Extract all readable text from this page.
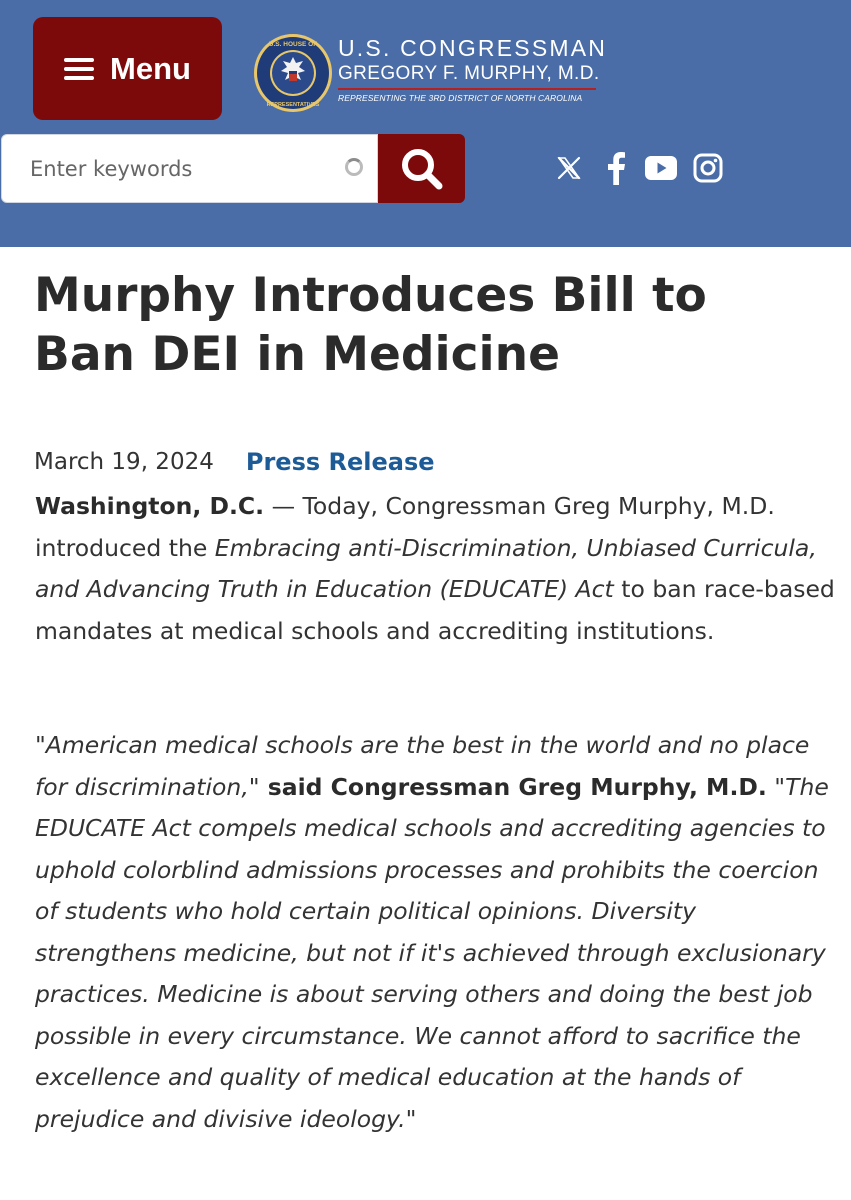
Menu
U.S. HOUSE OF
REPRESENTATIVES
U.S. CONGRESSMAN
GREGORY F. MURPHY, M.D.
REPRESENTING THE 3RD DISTRICT OF NORTH CAROLINA
Enter keywords
Murphy Introduces Bill to Ban DEI in Medicine
March 19, 2024 Press Release

Washington, D.C. — Today, Congressman Greg Murphy, M.D. introduced the Embracing anti-Discrimination, Unbiased Curricula, and Advancing Truth in Education (EDUCATE) Act to ban race-based mandates at medical schools and accrediting institutions.

"American medical schools are the best in the world and no place for discrimination," said Congressman Greg Murphy, M.D. "The EDUCATE Act compels medical schools and accrediting agencies to uphold colorblind admissions processes and prohibits the coercion of students who hold certain political opinions. Diversity strengthens medicine, but not if it's achieved through exclusionary practices. Medicine is about serving others and doing the best job possible in every circumstance. We cannot afford to sacrifice the excellence and quality of medical education at the hands of prejudice and divisive ideology."
